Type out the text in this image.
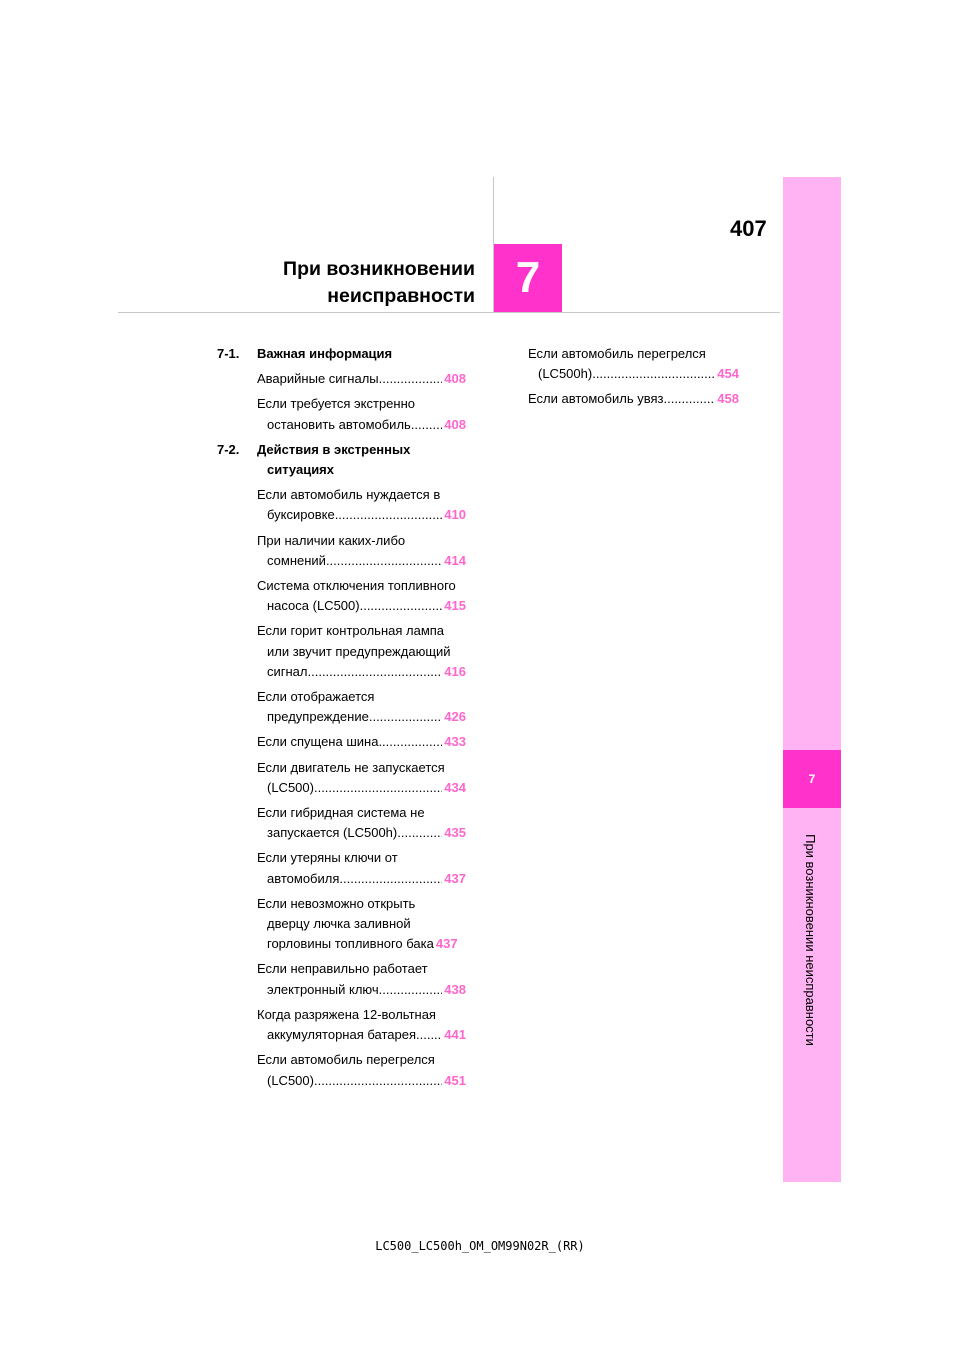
407
При возникновении
неисправности 7
7
При возникновении неисправности
7-1. Важная информация
Аварийные сигналы .....	408
Если требуется экстренно
остановить автомобиль .....	408
7-2. Действия в экстренных
ситуациях
Если автомобиль нуждается в
буксировке .....	410
При наличии каких-либо
сомнений .....	414
Система отключения топливного
насоса (LC500) .....	415
Если горит контрольная лампа
или звучит предупреждающий
сигнал .....	416
Если отображается
предупреждение .....	426
Если спущена шина .....	433
Если двигатель не запускается
(LC500) .....	434
Если гибридная система не
запускается (LC500h) .....	435
Если утеряны ключи от
автомобиля .....	437
Если невозможно открыть
дверцу лючка заливной
горловины топливного бака 437
Если неправильно работает
электронный ключ .....	438
Когда разряжена 12-вольтная
аккумуляторная батарея ..... 441
Если автомобиль перегрелся
(LC500) .....	451
Если автомобиль перегрелся
(LC500h) .....	454
Если автомобиль увяз .....	458
LC500_LC500h_OM_OM99N02R_(RR)
